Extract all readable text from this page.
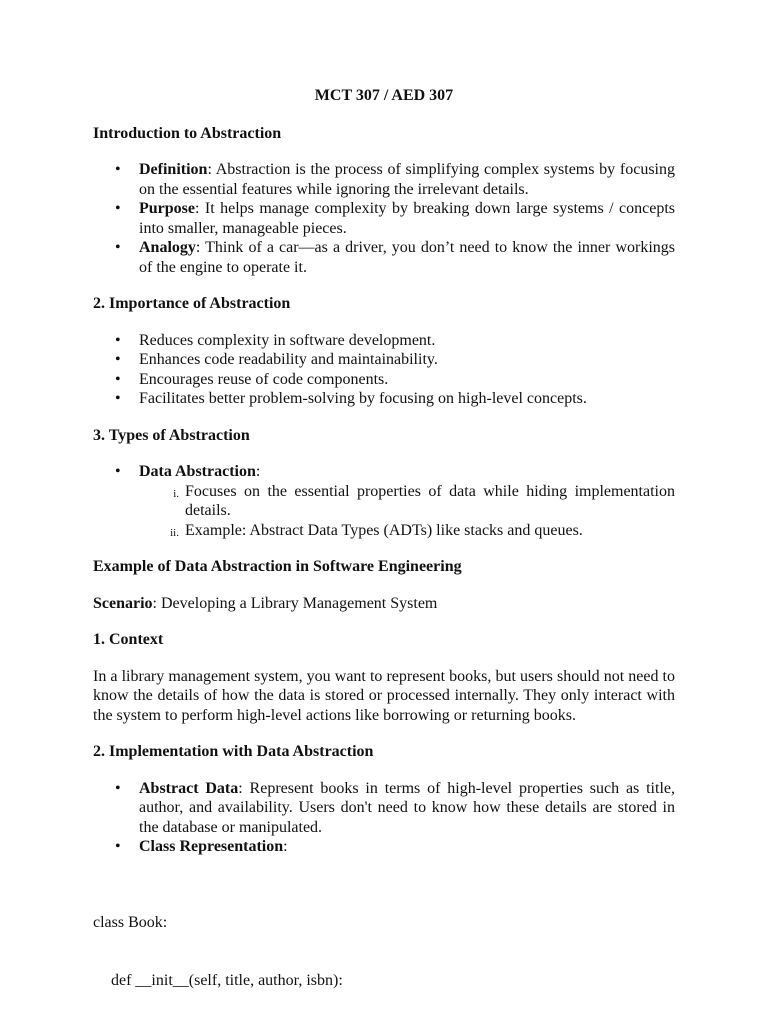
MCT 307 / AED 307
Introduction to Abstraction
• Definition: Abstraction is the process of simplifying complex systems by focusing on the essential features while ignoring the irrelevant details.
• Purpose: It helps manage complexity by breaking down large systems / concepts into smaller, manageable pieces.
• Analogy: Think of a car—as a driver, you don’t need to know the inner workings of the engine to operate it.
2. Importance of Abstraction
• Reduces complexity in software development.
• Enhances code readability and maintainability.
• Encourages reuse of code components.
• Facilitates better problem-solving by focusing on high-level concepts.
3. Types of Abstraction
• Data Abstraction:
i. Focuses on the essential properties of data while hiding implementation details.
ii. Example: Abstract Data Types (ADTs) like stacks and queues.
Example of Data Abstraction in Software Engineering

Scenario: Developing a Library Management System

1. Context

In a library management system, you want to represent books, but users should not need to know the details of how the data is stored or processed internally. They only interact with the system to perform high-level actions like borrowing or returning books.

2. Implementation with Data Abstraction
• Abstract Data: Represent books in terms of high-level properties such as title, author, and availability. Users don't need to know how these details are stored in the database or manipulated.
• Class Representation:

class Book:

def __init__(self, title, author, isbn):
